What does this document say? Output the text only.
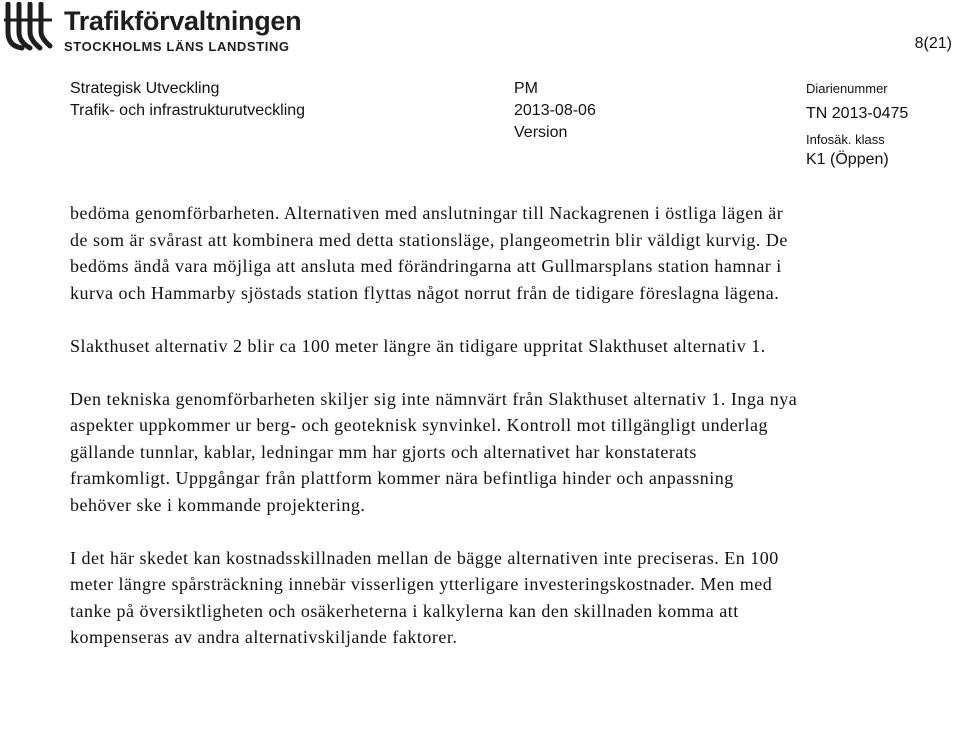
Trafikförvaltningen
STOCKHOLMS LÄNS LANDSTING	8(21)
Strategisk Utveckling
Trafik- och infrastrukturutveckling
PM
2013-08-06
Version
Diarienummer
TN 2013-0475
Infosäk. klass
K1 (Öppen)

bedöma genomförbarheten. Alternativen med anslutningar till Nackagrenen i östliga lägen är de som är svårast att kombinera med detta stationsläge, plangeometrin blir väldigt kurvig. De bedöms ändå vara möjliga att ansluta med förändringarna att Gullmarsplans station hamnar i kurva och Hammarby sjöstads station flyttas något norrut från de tidigare föreslagna lägena.

Slakthuset alternativ 2 blir ca 100 meter längre än tidigare uppritat Slakthuset alternativ 1.

Den tekniska genomförbarheten skiljer sig inte nämnvärt från Slakthuset alternativ 1. Inga nya aspekter uppkommer ur berg- och geoteknisk synvinkel. Kontroll mot tillgängligt underlag gällande tunnlar, kablar, ledningar mm har gjorts och alternativet har konstaterats framkomligt. Uppgångar från plattform kommer nära befintliga hinder och anpassning behöver ske i kommande projektering.

I det här skedet kan kostnadsskillnaden mellan de bägge alternativen inte preciseras. En 100 meter längre spårsträckning innebär visserligen ytterligare investeringskostnader. Men med tanke på översiktligheten och osäkerheterna i kalkylerna kan den skillnaden komma att kompenseras av andra alternativskiljande faktorer.
